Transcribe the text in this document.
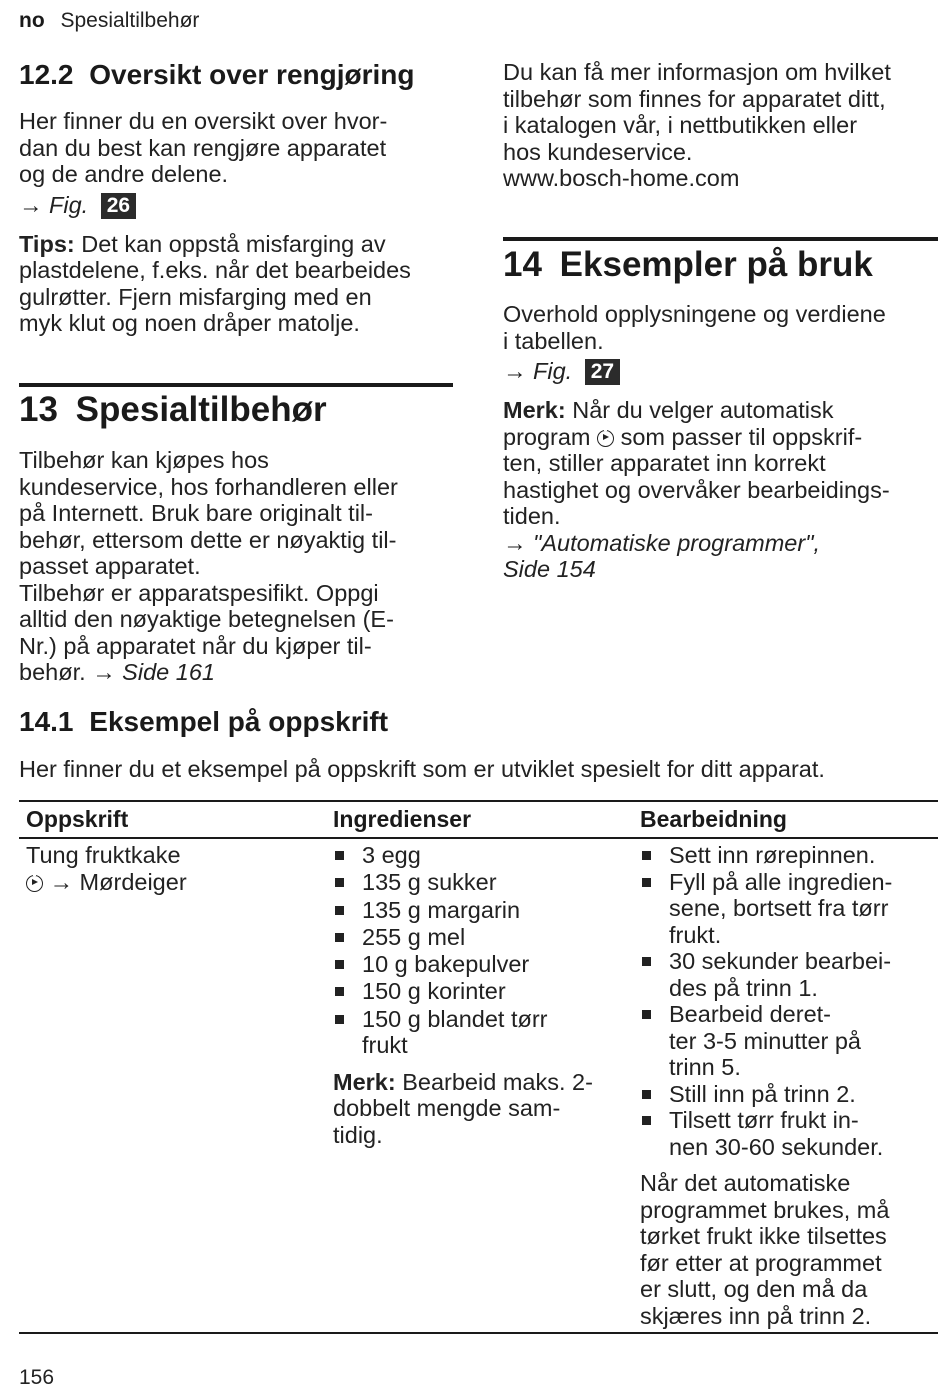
no Spesialtilbehør
12.2 Oversikt over rengjøring

Her finner du en oversikt over hvor-

dan du best kan rengjøre apparatet

og de andre delene.

→ Fig. 26

Tips: Det kan oppstå misfarging av

plastdelene, f.eks. når det bearbeides

gulrøtter. Fjern misfarging med en

myk klut og noen dråper matolje.

13 Spesialtilbehør

Tilbehør kan kjøpes hos

kundeservice, hos forhandleren eller

på Internett. Bruk bare originalt til-

behør, ettersom dette er nøyaktig til-

passet apparatet.

Tilbehør er apparatspesifikt. Oppgi

alltid den nøyaktige betegnelsen (E-

Nr.) på apparatet når du kjøper til-

behør. → Side 161

Du kan få mer informasjon om hvilket

tilbehør som finnes for apparatet ditt,

i katalogen vår, i nettbutikken eller

hos kundeservice.

www.bosch-home.com

14 Eksempler på bruk

Overhold opplysningene og verdiene

i tabellen.

→ Fig. 27

Merk: Når du velger automatisk

program  som passer til oppskrif-

ten, stiller apparatet inn korrekt

hastighet og overvåker bearbeidings-

tiden.

→ "Automatiske programmer",

Side 154

14.1 Eksempel på oppskrift
Her finner du et eksempel på oppskrift som er utviklet spesielt for ditt apparat.
Oppskrift	Ingredienser	Bearbeidning

Tung fruktkake

→ Mørdeiger

3 egg
135 g sukker
135 g margarin
255 g mel
10 g bakepulver
150 g korinter
150 g blandet tørr frukt

Merk: Bearbeid maks. 2-

dobbelt mengde sam-

tidig.

Sett inn rørepinnen.
Fyll på alle ingredien-
sene, bortsett fra tørr
frukt.
30 sekunder bearbei-
des på trinn 1.
Bearbeid deret-
ter 3-5 minutter på
trinn 5.
Still inn på trinn 2.
Tilsett tørr frukt in-
nen 30-60 sekunder.

Når det automatiske

programmet brukes, må

tørket frukt ikke tilsettes

før etter at programmet

er slutt, og den må da

skjæres inn på trinn 2.

156
